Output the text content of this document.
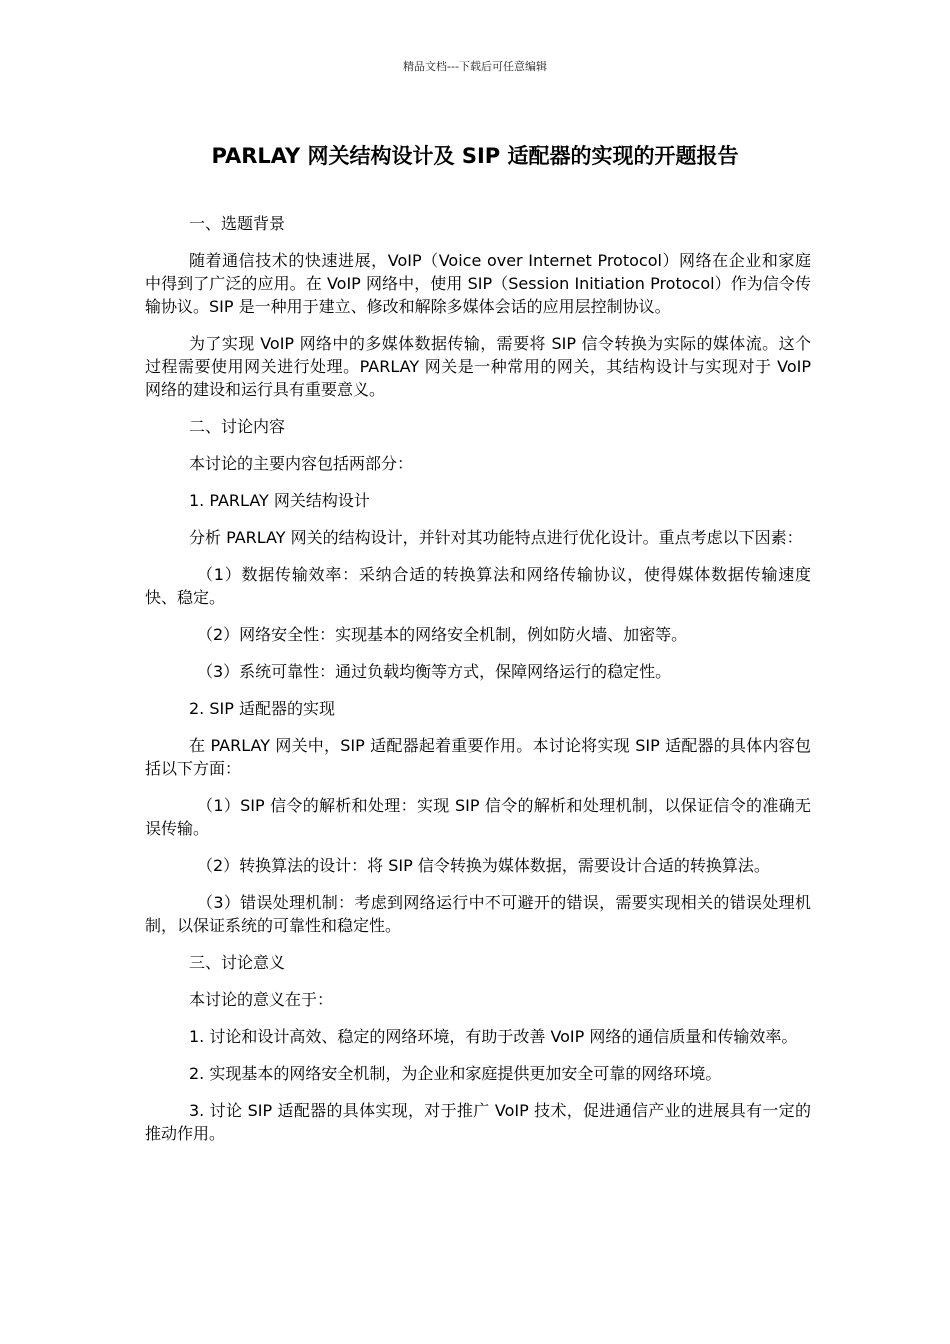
精品文档---下载后可任意编辑
PARLAY 网关结构设计及 SIP 适配器的实现的开题报告

一、选题背景

随着通信技术的快速进展，VoIP（Voice over Internet Protocol）网络在企业和家庭中得到了广泛的应用。在 VoIP 网络中，使用 SIP（Session Initiation Protocol）作为信令传输协议。SIP 是一种用于建立、修改和解除多媒体会话的应用层控制协议。

为了实现 VoIP 网络中的多媒体数据传输，需要将 SIP 信令转换为实际的媒体流。这个过程需要使用网关进行处理。PARLAY 网关是一种常用的网关，其结构设计与实现对于 VoIP 网络的建设和运行具有重要意义。

二、讨论内容

本讨论的主要内容包括两部分：

1. PARLAY 网关结构设计

分析 PARLAY 网关的结构设计，并针对其功能特点进行优化设计。重点考虑以下因素：

（1）数据传输效率：采纳合适的转换算法和网络传输协议，使得媒体数据传输速度快、稳定。

（2）网络安全性：实现基本的网络安全机制，例如防火墙、加密等。

（3）系统可靠性：通过负载均衡等方式，保障网络运行的稳定性。

2. SIP 适配器的实现

在 PARLAY 网关中，SIP 适配器起着重要作用。本讨论将实现 SIP 适配器的具体内容包括以下方面：

（1）SIP 信令的解析和处理：实现 SIP 信令的解析和处理机制，以保证信令的准确无误传输。

（2）转换算法的设计：将 SIP 信令转换为媒体数据，需要设计合适的转换算法。

（3）错误处理机制：考虑到网络运行中不可避开的错误，需要实现相关的错误处理机制，以保证系统的可靠性和稳定性。

三、讨论意义

本讨论的意义在于：

1. 讨论和设计高效、稳定的网络环境，有助于改善 VoIP 网络的通信质量和传输效率。

2. 实现基本的网络安全机制，为企业和家庭提供更加安全可靠的网络环境。

3. 讨论 SIP 适配器的具体实现，对于推广 VoIP 技术，促进通信产业的进展具有一定的推动作用。
